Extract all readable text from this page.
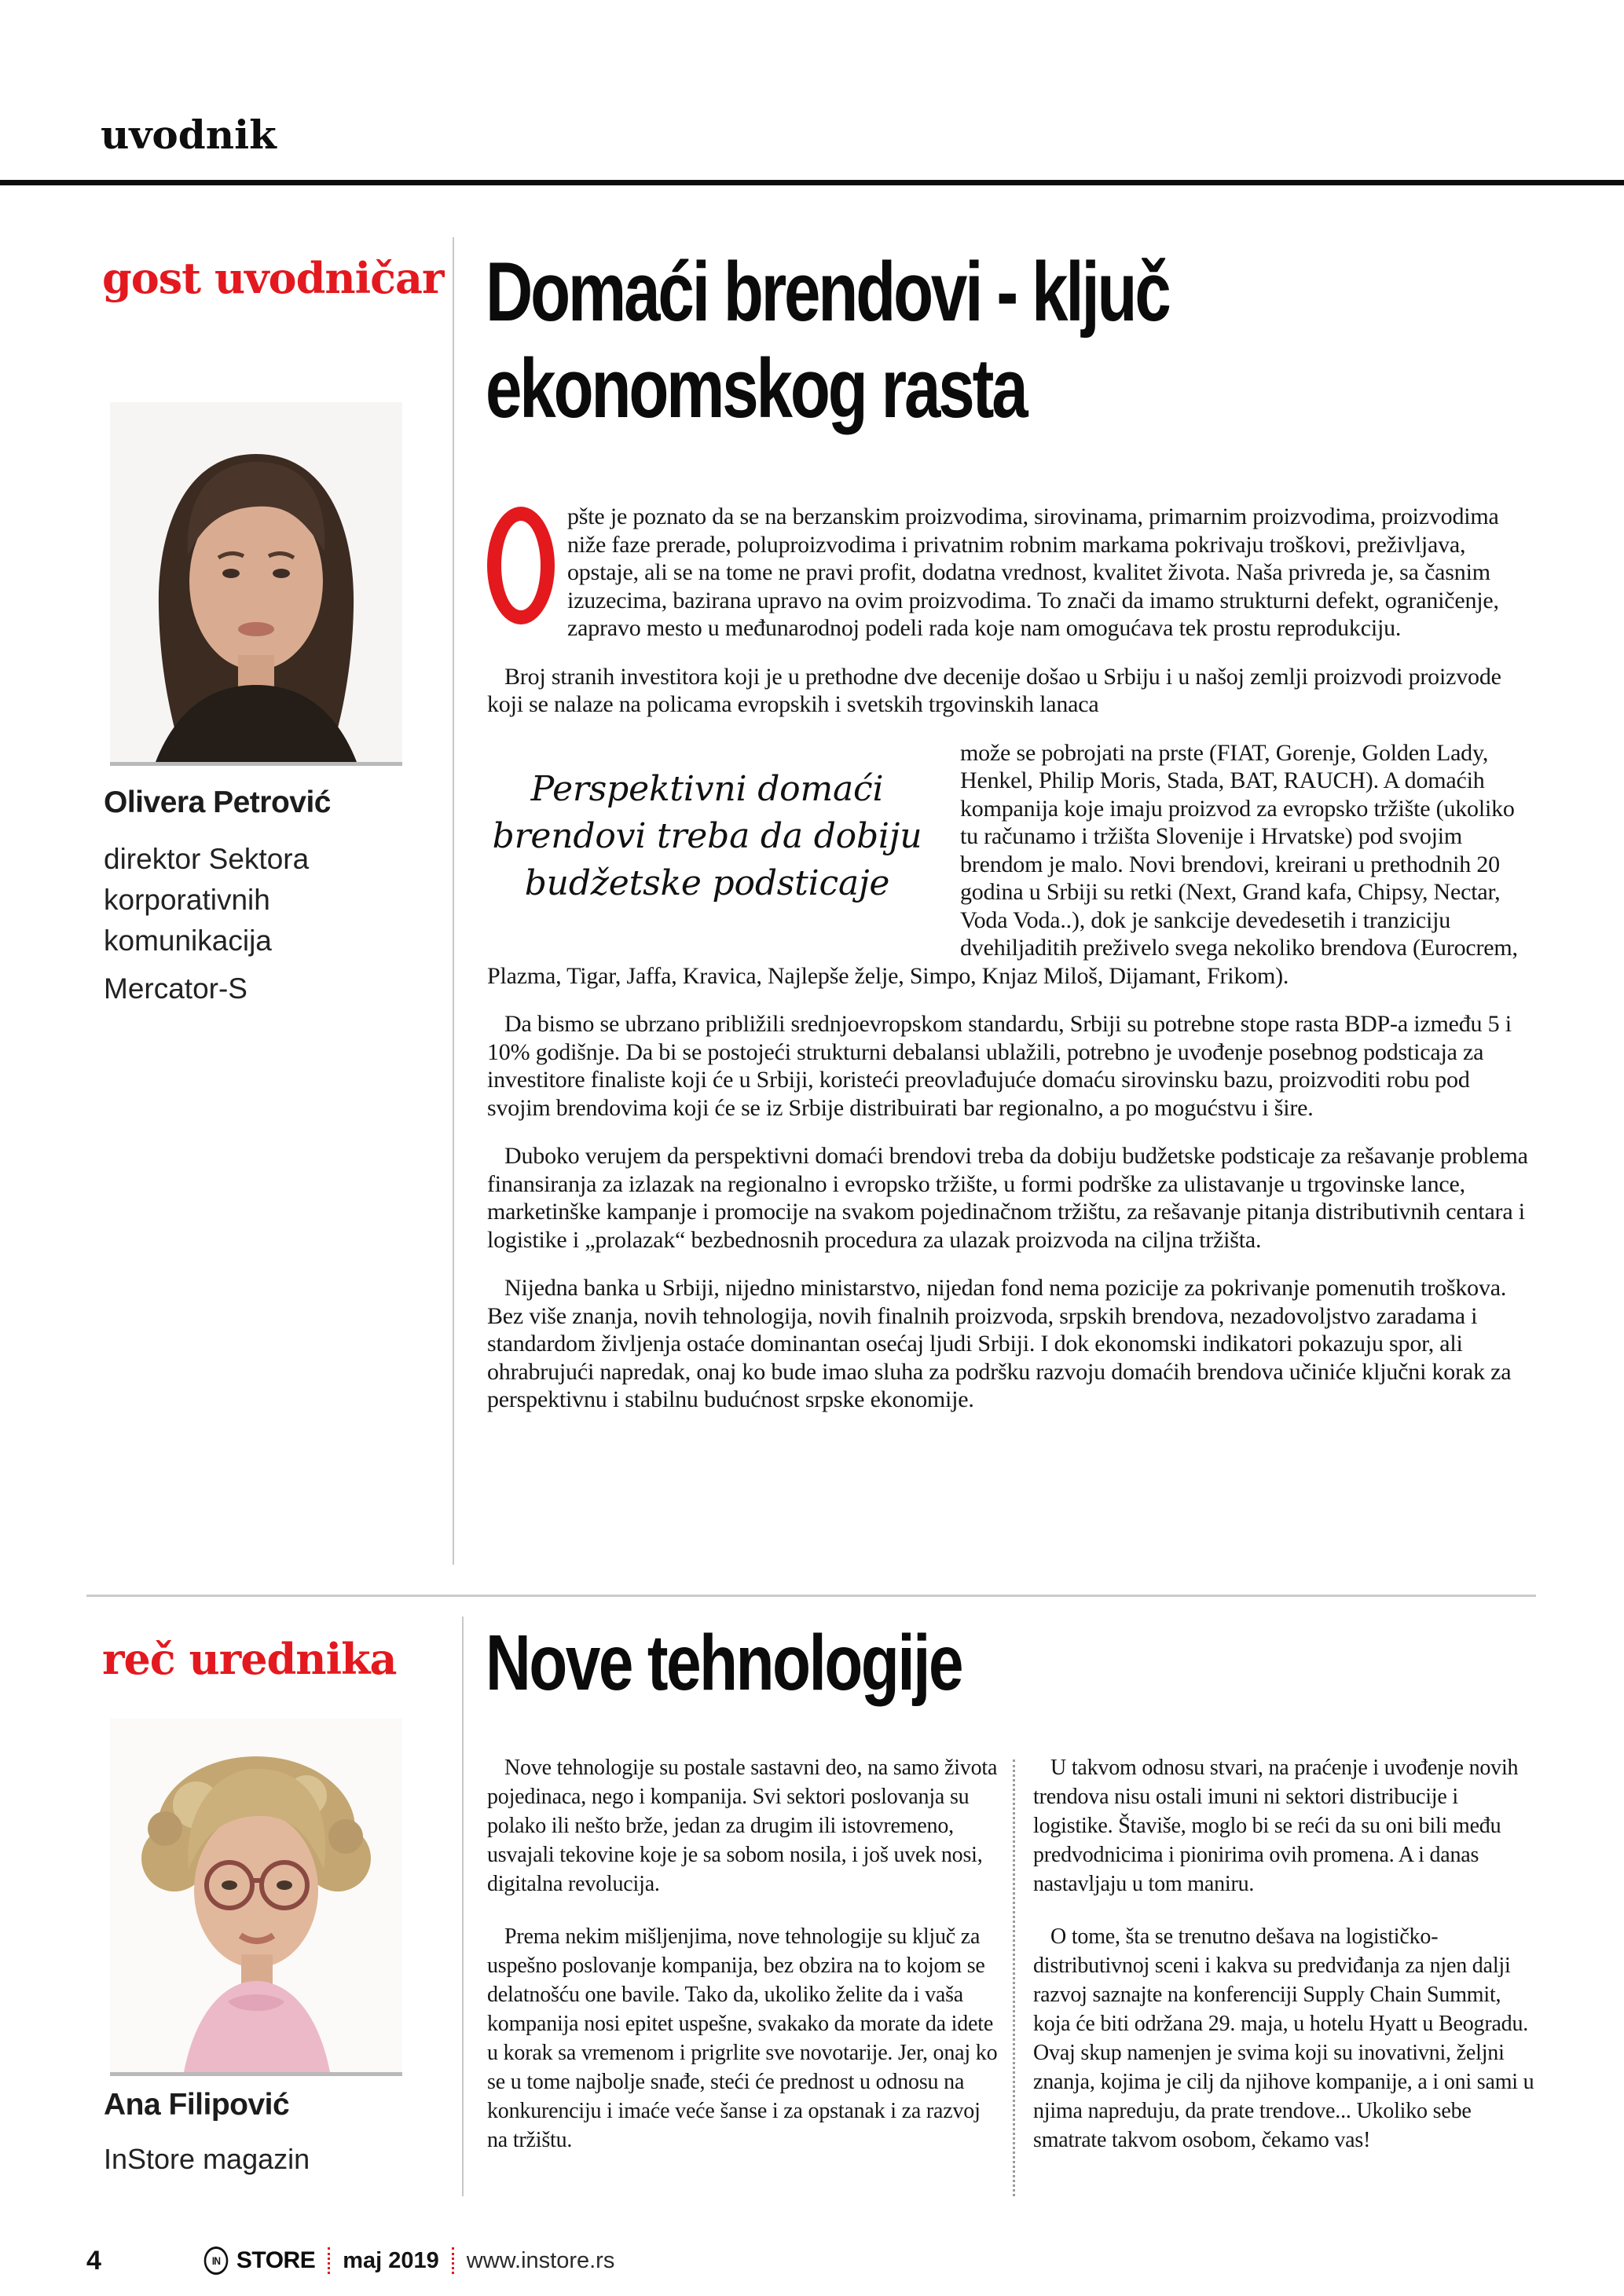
uvodnik
gost uvodničar
Olivera Petrović
direktor Sektora korporativnih komunikacija
Mercator-S
Domaći brendovi - ključ
ekonomskog rasta

pšte je poznato da se na berzanskim proizvodima, sirovinama, primarnim proizvodima, proizvodima niže faze prerade, poluproizvodima i privatnim robnim markama pokrivaju troškovi, preživljava, opstaje, ali se na tome ne pravi profit, dodatna vrednost, kvalitet života. Naša privreda je, sa časnim izuzecima, bazirana upravo na ovim proizvodima. To znači da imamo strukturni defekt, ograničenje, zapravo mesto u međunarodnoj podeli rada koje nam omogućava tek prostu reprodukciju.

Broj stranih investitora koji je u prethodne dve decenije došao u Srbiju i u našoj zemlji proizvodi proizvode koji se nalaze na policama evropskih i svetskih trgovinskih lanaca

Perspektivni domaći brendovi treba da dobiju budžetske podsticaje

može se pobrojati na prste (FIAT, Gorenje, Golden Lady, Henkel, Philip Moris, Stada, BAT, RAUCH). A domaćih kompanija koje imaju proizvod za evropsko tržište (ukoliko tu računamo i tržišta Slovenije i Hrvatske) pod svojim brendom je malo. Novi brendovi, kreirani u prethodnih 20 godina u Srbiji su retki (Next, Grand kafa, Chipsy, Nectar, Voda Voda..), dok je sankcije devedesetih i tranziciju dvehiljaditih preživelo svega nekoliko brendova (Eurocrem, Plazma, Tigar, Jaffa, Kravica, Najlepše želje, Simpo, Knjaz Miloš, Dijamant, Frikom).

Da bismo se ubrzano približili srednjoevropskom standardu, Srbiji su potrebne stope rasta BDP-a između 5 i 10% godišnje. Da bi se postojeći strukturni debalansi ublažili, potrebno je uvođenje posebnog podsticaja za investitore finaliste koji će u Srbiji, koristeći preovlađujuće domaću sirovinsku bazu, proizvoditi robu pod svojim brendovima koji će se iz Srbije distribuirati bar regionalno, a po mogućstvu i šire.

Duboko verujem da perspektivni domaći brendovi treba da dobiju budžetske podsticaje za rešavanje problema finansiranja za izlazak na regionalno i evropsko tržište, u formi podrške za ulistavanje u trgovinske lance, marketinške kampanje i promocije na svakom pojedinačnom tržištu, za rešavanje pitanja distributivnih centara i logistike i „prolazak“ bezbednosnih procedura za ulazak proizvoda na ciljna tržišta.

Nijedna banka u Srbiji, nijedno ministarstvo, nijedan fond nema pozicije za pokrivanje pomenutih troškova. Bez više znanja, novih tehnologija, novih finalnih proizvoda, srpskih brendova, nezadovoljstvo zaradama i standardom življenja ostaće dominantan osećaj ljudi Srbiji. I dok ekonomski indikatori pokazuju spor, ali ohrabrujući napredak, onaj ko bude imao sluha za podršku razvoju domaćih brendova učiniće ključni korak za perspektivnu i stabilnu budućnost srpske ekonomije.

reč urednika
Ana Filipović
InStore magazin
Nove tehnologije

Nove tehnologije su postale sastavni deo, na samo života pojedinaca, nego i kompanija. Svi sektori poslovanja su polako ili nešto brže, jedan za drugim ili istovremeno, usvajali tekovine koje je sa sobom nosila, i još uvek nosi, digitalna revolucija.

Prema nekim mišljenjima, nove tehnologije su ključ za uspešno poslovanje kompanija, bez obzira na to kojom se delatnošću one bavile. Tako da, ukoliko želite da i vaša kompanija nosi epitet uspešne, svakako da morate da idete u korak sa vremenom i prigrlite sve novotarije. Jer, onaj ko se u tome najbolje snađe, steći će prednost u odnosu na konkurenciju i imaće veće šanse i za opstanak i za razvoj na tržištu.

U takvom odnosu stvari, na praćenje i uvođenje novih trendova nisu ostali imuni ni sektori distribucije i logistike. Štaviše, moglo bi se reći da su oni bili među predvodnicima i pionirima ovih promena. A i danas nastavljaju u tom maniru.

O tome, šta se trenutno dešava na logističko-distributivnoj sceni i kakva su predviđanja za njen dalji razvoj saznajte na konferenciji Supply Chain Summit, koja će biti održana 29. maja, u hotelu Hyatt u Beogradu. Ovaj skup namenjen je svima koji su inovativni, željni znanja, kojima je cilj da njihove kompanije, a i oni sami u njima napreduju, da prate trendove... Ukoliko sebe smatrate takvom osobom, čekamo vas!

4	IN STORE maj 2019 www.instore.rs
